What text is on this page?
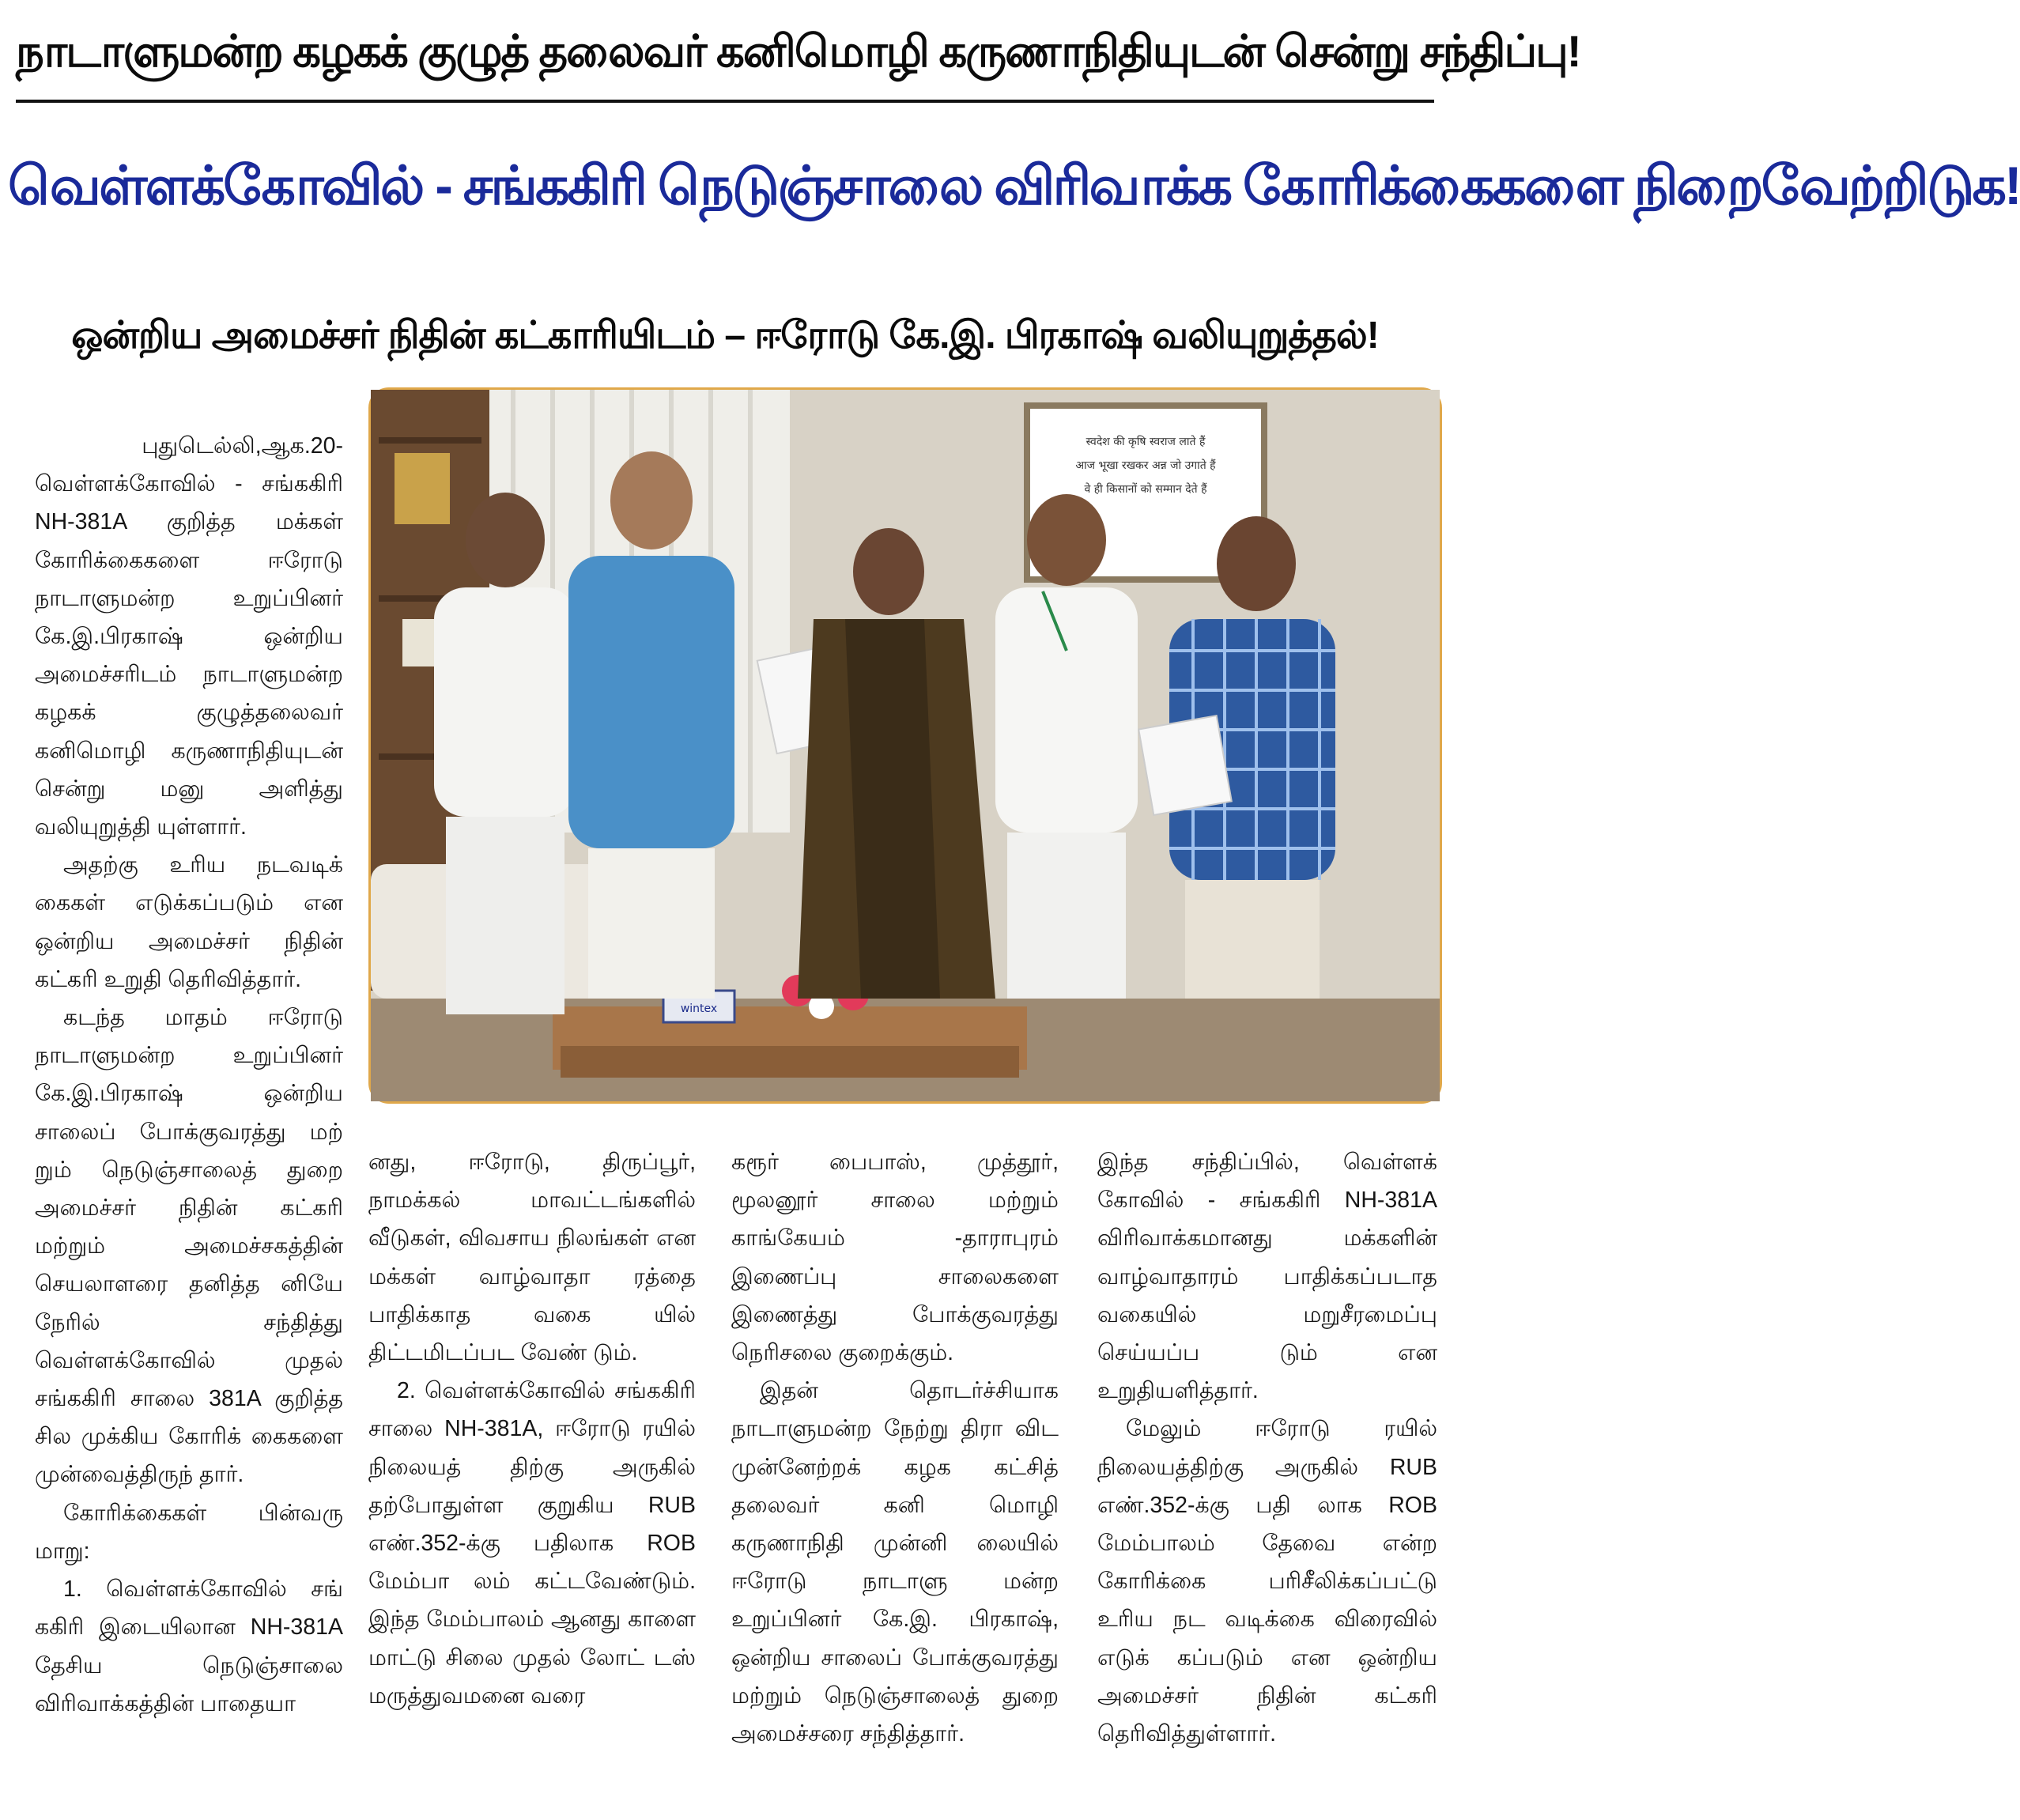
நாடாளுமன்ற கழகக் குழுத் தலைவர் கனிமொழி கருணாநிதியுடன் சென்று சந்திப்பு!
வெள்ளக்கோவில் - சங்ககிரி நெடுஞ்சாலை விரிவாக்க கோரிக்கைகளை நிறைவேற்றிடுக!
ஒன்றிய அமைச்சர் நிதின் கட்காரியிடம் – ஈரோடு கே.இ. பிரகாஷ் வலியுறுத்தல்!
புதுடெல்லி,ஆக.20-

வெள்ளக்கோவில் - சங்ககிரி NH-381A குறித்த மக்கள் கோரிக்கைகளை ஈரோடு நாடாளுமன்ற உறுப்பினர் கே.இ.பிரகாஷ் ஒன்றிய அமைச்சரிடம் நாடாளுமன்ற கழகக் குழுத்தலைவர் கனிமொழி கருணாநிதியுடன் சென்று மனு அளித்து வலியுறுத்தி யுள்ளார்.

அதற்கு உரிய நடவடிக் கைகள் எடுக்கப்படும் என ஒன்றிய அமைச்சர் நிதின் கட்கரி உறுதி தெரிவித்தார்.

கடந்த மாதம் ஈரோடு நாடாளுமன்ற உறுப்பினர் கே.இ.பிரகாஷ் ஒன்றிய சாலைப் போக்குவரத்து மற் றும் நெடுஞ்சாலைத் துறை அமைச்சர் நிதின் கட்கரி மற்றும் அமைச்சகத்தின் செயலாளரை தனித்த னியே நேரில் சந்தித்து வெள்ளக்கோவில் முதல் சங்ககிரி சாலை 381A குறித்த சில முக்கிய கோரிக் கைகளை முன்வைத்திருந் தார்.

கோரிக்கைகள் பின்வரு மாறு:

1. வெள்ளக்கோவில் சங் ககிரி இடையிலான NH-381A தேசிய நெடுஞ்சாலை விரிவாக்கத்தின் பாதையா

स्वदेश की कृषि स्वराज लाते हैं
आज भूखा रखकर अन्न जो उगाते हैं
वे ही किसानों को सम्मान देते हैं
wintex

னது, ஈரோடு, திருப்பூர், நாமக்கல் மாவட்டங்களில் வீடுகள், விவசாய நிலங்கள் என மக்கள் வாழ்வாதா ரத்தை பாதிக்காத வகை யில் திட்டமிடப்பட வேண் டும்.

2. வெள்ளக்கோவில் சங்ககிரி சாலை NH-381A, ஈரோடு ரயில் நிலையத் திற்கு அருகில் தற்போதுள்ள குறுகிய RUB எண்.352-க்கு பதிலாக ROB மேம்பா லம் கட்டவேண்டும். இந்த மேம்பாலம் ஆனது காளை மாட்டு சிலை முதல் லோட் டஸ் மருத்துவமனை வரை

கரூர் பைபாஸ், முத்தூர், மூலனூர் சாலை மற்றும் காங்கேயம் -தாராபுரம் இணைப்பு சாலைகளை இணைத்து போக்குவரத்து நெரிசலை குறைக்கும்.

இதன் தொடர்ச்சியாக நாடாளுமன்ற நேற்று திரா விட முன்னேற்றக் கழக கட்சித் தலைவர் கனி மொழி கருணாநிதி முன்னி லையில் ஈரோடு நாடாளு மன்ற உறுப்பினர் கே.இ. பிரகாஷ், ஒன்றிய சாலைப் போக்குவரத்து மற்றும் நெடுஞ்சாலைத் துறை அமைச்சரை சந்தித்தார்.

இந்த சந்திப்பில், வெள்ளக் கோவில் - சங்ககிரி NH-381A விரிவாக்கமானது மக்களின் வாழ்வாதாரம் பாதிக்கப்படாத வகையில் மறுசீரமைப்பு செய்யப்ப டும் என உறுதியளித்தார்.

மேலும் ஈரோடு ரயில் நிலையத்திற்கு அருகில் RUB எண்.352-க்கு பதி லாக ROB மேம்பாலம் தேவை என்ற கோரிக்கை பரிசீலிக்கப்பட்டு உரிய நட வடிக்கை விரைவில் எடுக் கப்படும் என ஒன்றிய அமைச்சர் நிதின் கட்கரி தெரிவித்துள்ளார்.
